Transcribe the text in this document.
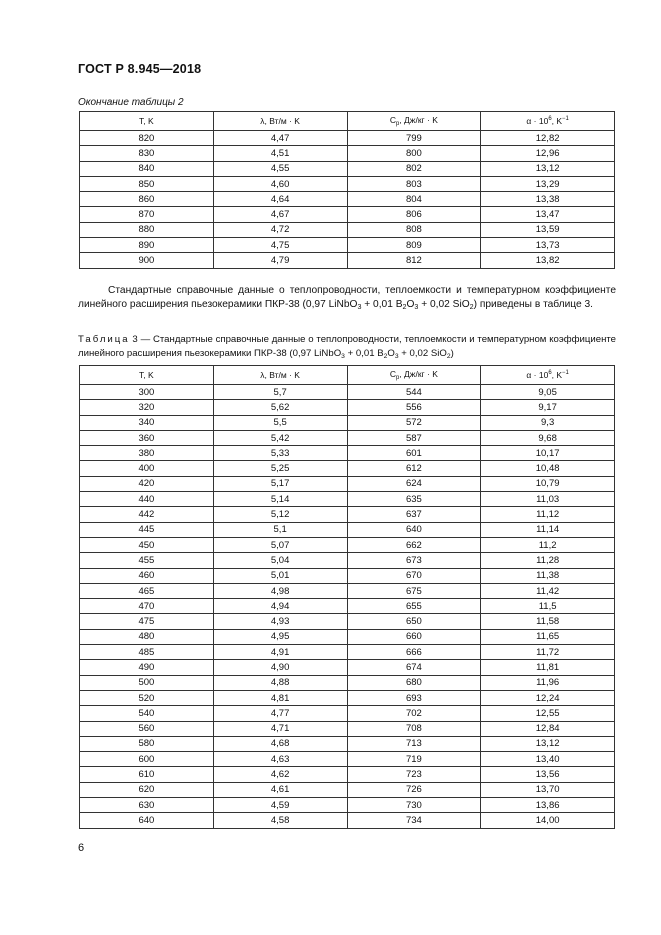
ГОСТ Р 8.945—2018
Окончание таблицы 2
T, K	λ, Вт/м · K	$C_p$, Дж/кг · K	$\alpha \cdot 10^6$, $K^{-1}$
820	4,47	799	12,82
830	4,51	800	12,96
840	4,55	802	13,12
850	4,60	803	13,29
860	4,64	804	13,38
870	4,67	806	13,47
880	4,72	808	13,59
890	4,75	809	13,73
900	4,79	812	13,82
Стандартные справочные данные о теплопроводности, теплоемкости и температурном коэффициенте линейного расширения пьезокерамики ПКР-38 (0,97 LiNbO$_3$ + 0,01 $B_2O_3 + 0,02$ SiO$_2$) приведены в таблице 3.
Таблица 3 — Стандартные справочные данные о теплопроводности, теплоемкости и температурном коэффициенте линейного расширения пьезокерамики ПКР-38 (0,97 LiNbO$_3$ + 0,01 $B_2O_3 + 0,02$ SiO$_2$)
T, K	λ, Вт/м · K	$C_p$, Дж/кг · K	$\alpha \cdot 10^6$, $K^{-1}$
300	5,7	544	9,05
320	5,62	556	9,17
340	5,5	572	9,3
360	5,42	587	9,68
380	5,33	601	10,17
400	5,25	612	10,48
420	5,17	624	10,79
440	5,14	635	11,03
442	5,12	637	11,12
445	5,1	640	11,14
450	5,07	662	11,2
455	5,04	673	11,28
460	5,01	670	11,38
465	4,98	675	11,42
470	4,94	655	11,5
475	4,93	650	11,58
480	4,95	660	11,65
485	4,91	666	11,72
490	4,90	674	11,81
500	4,88	680	11,96
520	4,81	693	12,24
540	4,77	702	12,55
560	4,71	708	12,84
580	4,68	713	13,12
600	4,63	719	13,40
610	4,62	723	13,56
620	4,61	726	13,70
630	4,59	730	13,86
640	4,58	734	14,00
6
